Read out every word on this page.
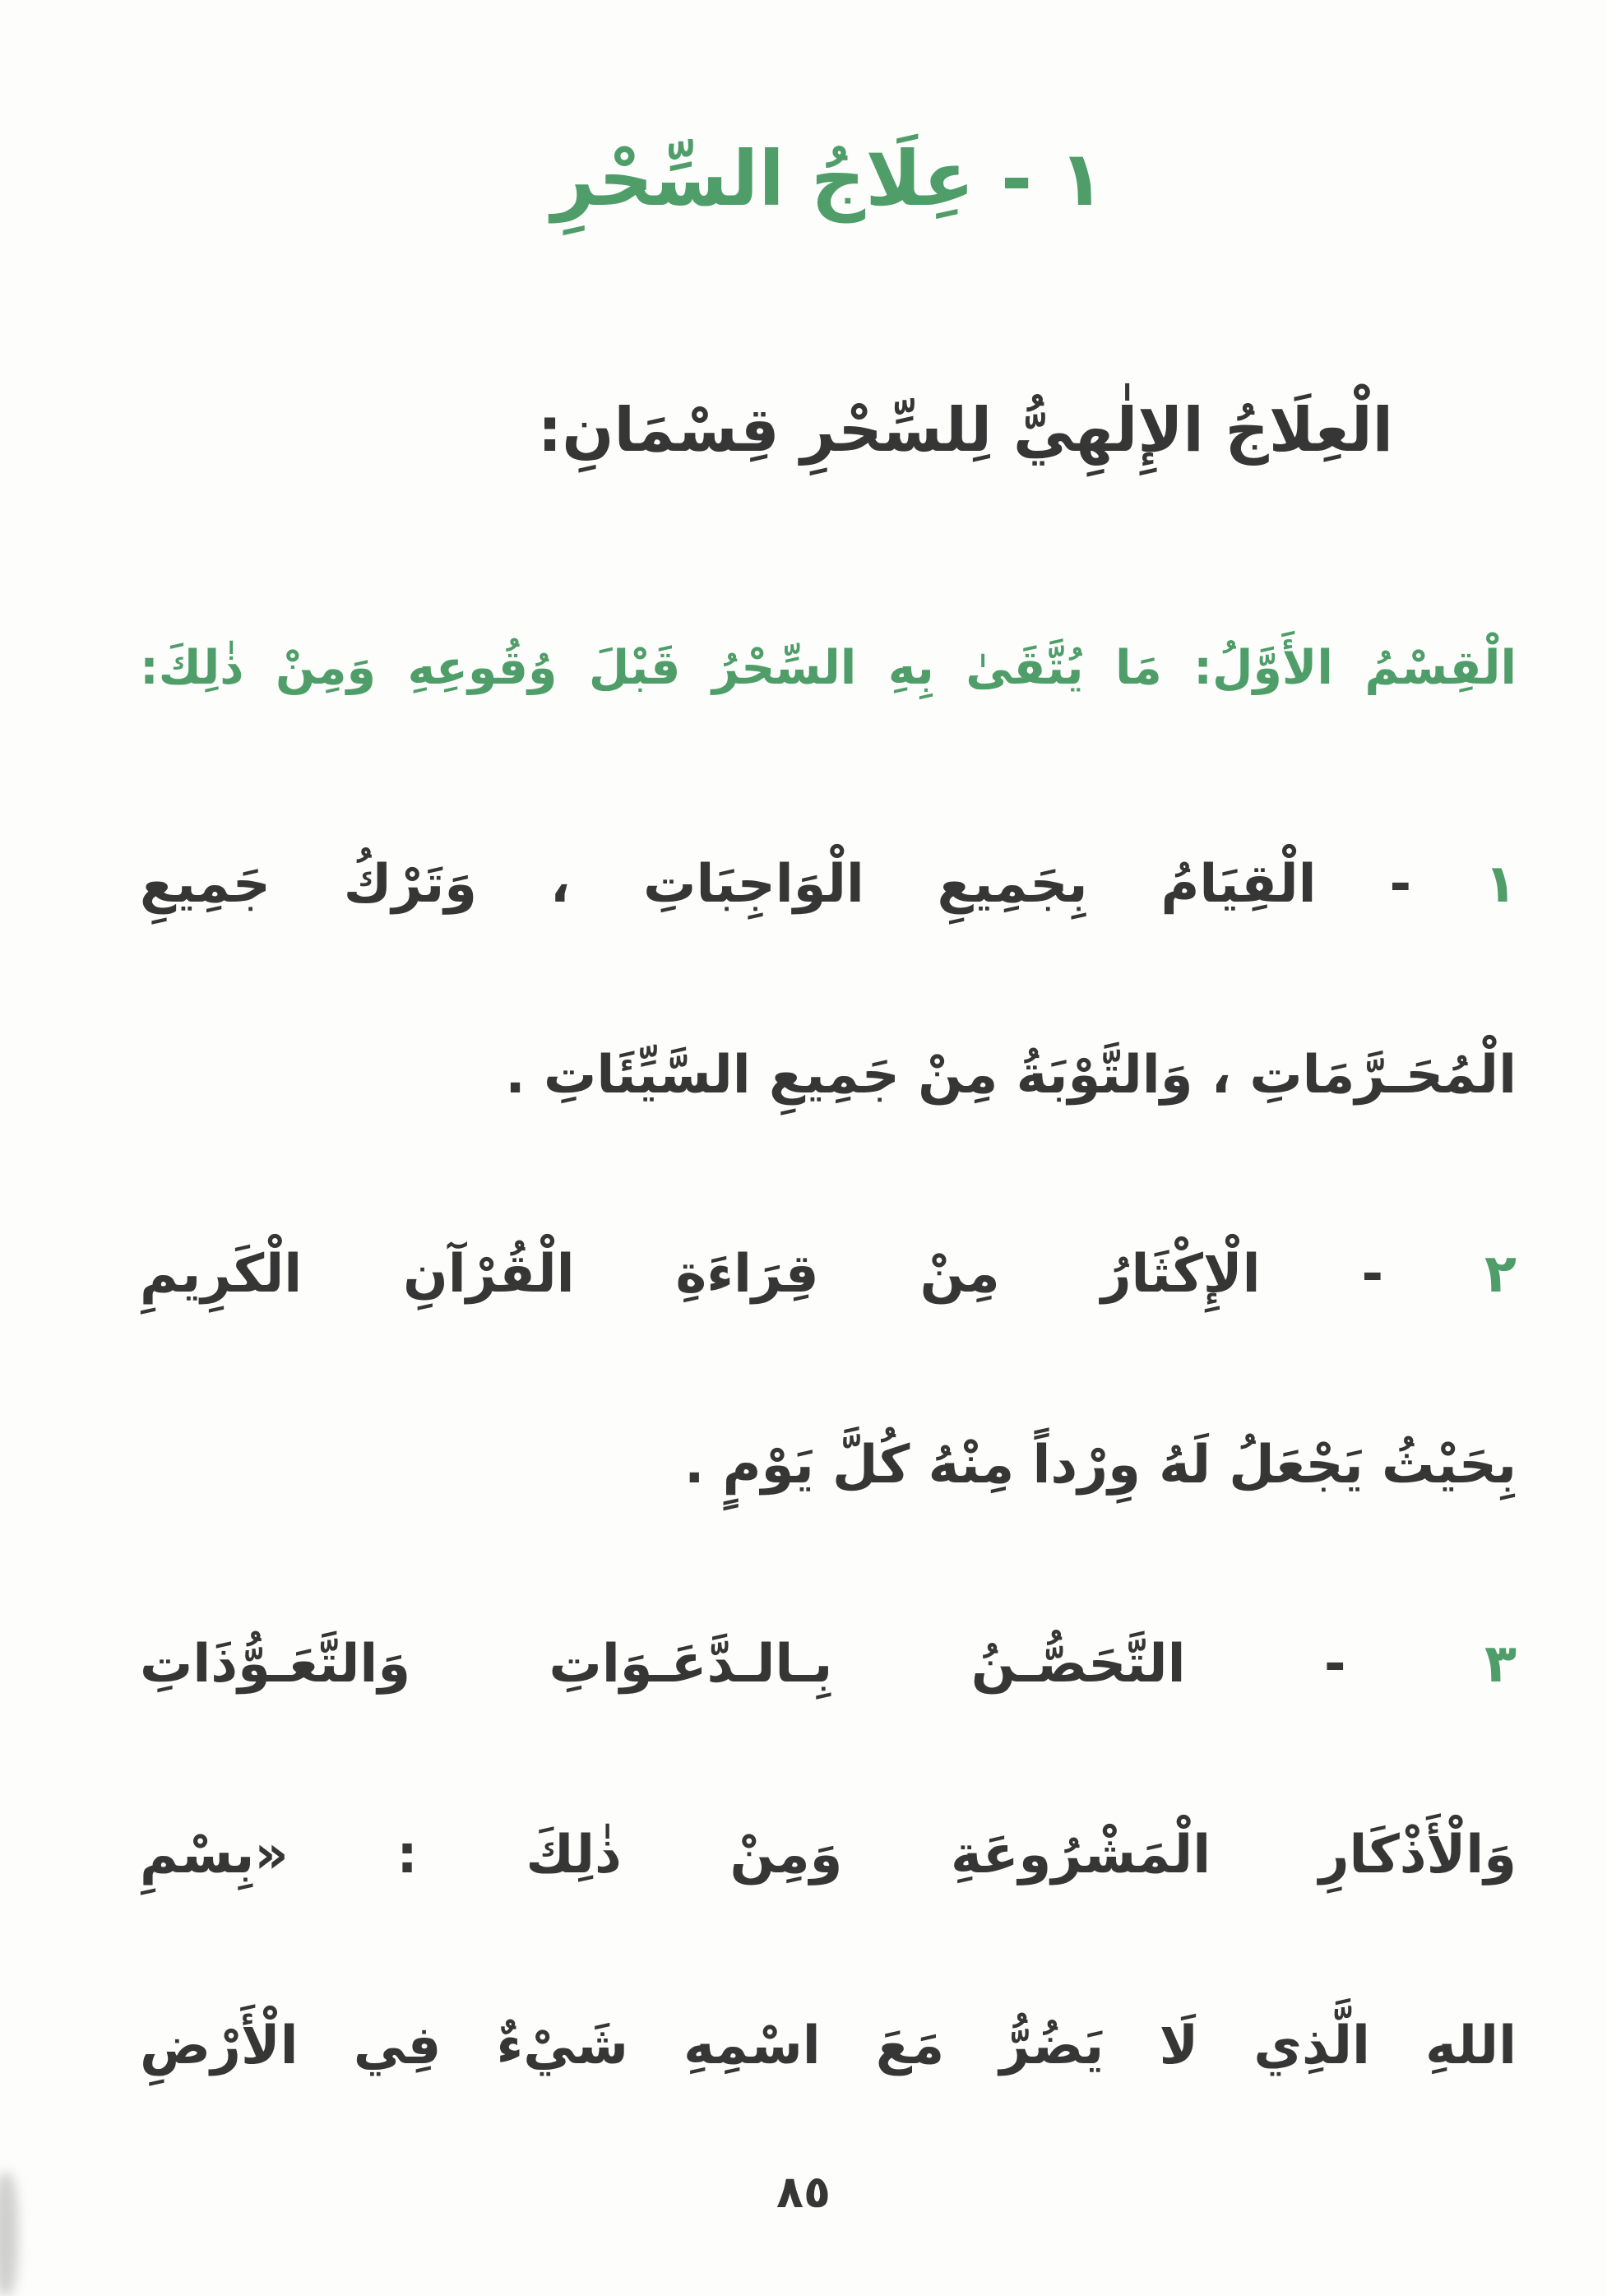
١ - عِلَاجُ السِّحْرِ

الْعِلَاجُ الإِلٰهِيُّ لِلسِّحْرِ قِسْمَانِ:

الْقِسْمُ الأَوَّلُ: مَا يُتَّقَىٰ بِهِ السِّحْرُ قَبْلَ وُقُوعِهِ وَمِنْ ذٰلِكَ:

١ - الْقِيَامُ بِجَمِيعِ الْوَاجِبَاتِ ، وَتَرْكُ جَمِيعِ
الْمُحَـرَّمَاتِ ، وَالتَّوْبَةُ مِنْ جَمِيعِ السَّيِّئَاتِ .
٢ - الْإِكْثَارُ مِنْ قِرَاءَةِ الْقُرْآنِ الْكَرِيمِ
بِحَيْثُ يَجْعَلُ لَهُ وِرْداً مِنْهُ كُلَّ يَوْمٍ .
٣ - التَّحَصُّـنُ بِـالـدَّعَـوَاتِ وَالتَّعَـوُّذَاتِ
وَالْأَذْكَارِ الْمَشْرُوعَةِ وَمِنْ ذٰلِكَ : «بِسْمِ
اللهِ الَّذِي لَا يَضُرُّ مَعَ اسْمِهِ شَيْءٌ فِي الْأَرْضِ
٨٥
